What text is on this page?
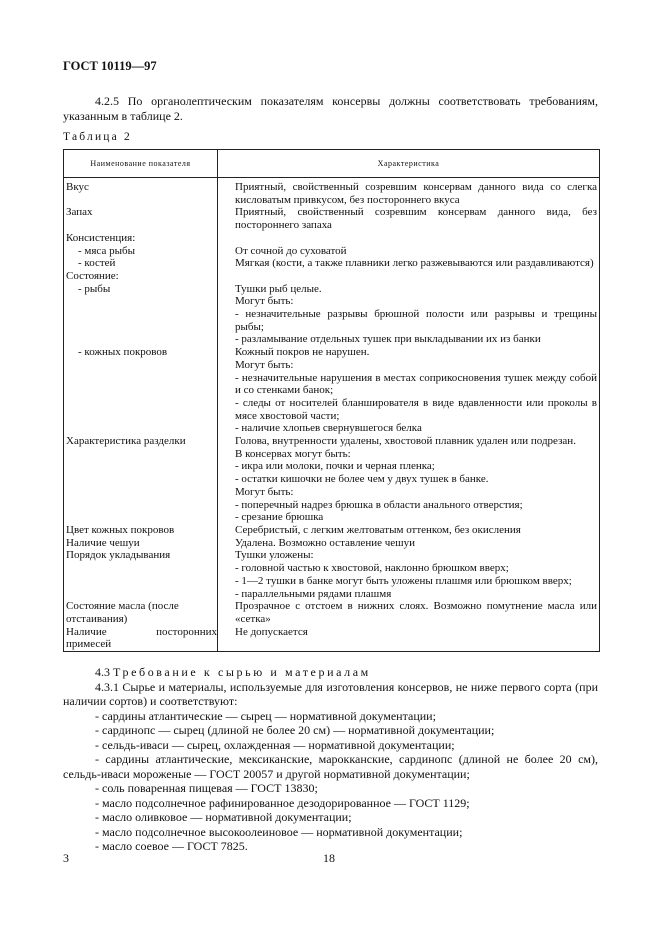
ГОСТ 10119—97
4.2.5 По органолептическим показателям консервы должны соответствовать требованиям, указанным в таблице 2.
Таблица 2
Наименование показателя	Характеристика
Вкус	Приятный, свойственный созревшим консервам данного вида со слегка кисловатым привкусом, без постороннего вкуса
Запах	Приятный, свойственный созревшим консервам данного вида, без постороннего запаха
Консистенция:	
- мяса рыбы	От сочной до суховатой
- костей	Мягкая (кости, а также плавники легко разжевываются или раздавливаются)
Состояние:	
- рыбы	Тушки рыб целые.
	Могут быть:
	- незначительные разрывы брюшной полости или разрывы и трещины рыбы;
	- разламывание отдельных тушек при выкладывании их из банки
- кожных покровов	Кожный покров не нарушен.
	Могут быть:
	- незначительные нарушения в местах соприкосновения тушек между собой и со стенками банок;
	- следы от носителей бланширователя в виде вдавленности или проколы в мясе хвостовой части;
	- наличие хлопьев свернувшегося белка
Характеристика разделки	Голова, внутренности удалены, хвостовой плавник удален или подрезан.
	В консервах могут быть:
	- икра или молоки, почки и черная пленка;
	- остатки кишочки не более чем у двух тушек в банке.
	Могут быть:
	- поперечный надрез брюшка в области анального отверстия;
	- срезание брюшка
Цвет кожных покровов	Серебристый, с легким желтоватым оттенком, без окисления
Наличие чешуи	Удалена. Возможно оставление чешуи
Порядок укладывания	Тушки уложены:
	- головной частью к хвостовой, наклонно брюшком вверх;
	- 1—2 тушки в банке могут быть уложены плашмя или брюшком вверх;
	- параллельными рядами плашмя
Состояние масла (после отстаивания)	Прозрачное с отстоем в нижних слоях. Возможно помутнение масла или «сетка»
Наличие посторонних примесей	Не допускается
4.3 Требование к сырью и материалам
4.3.1 Сырье и материалы, используемые для изготовления консервов, не ниже первого сорта (при наличии сортов) и соответствуют:
- сардины атлантические — сырец — нормативной документации;
- сардинопс — сырец (длиной не более 20 см) — нормативной документации;
- сельдь-иваси — сырец, охлажденная — нормативной документации;
- сардины атлантические, мексиканские, марокканские, сардинопс (длиной не более 20 см), сельдь-иваси мороженые — ГОСТ 20057 и другой нормативной документации;
- соль поваренная пищевая — ГОСТ 13830;
- масло подсолнечное рафинированное дезодорированное — ГОСТ 1129;
- масло оливковое — нормативной документации;
- масло подсолнечное высокоолеиновое — нормативной документации;
- масло соевое — ГОСТ 7825.
3	18
